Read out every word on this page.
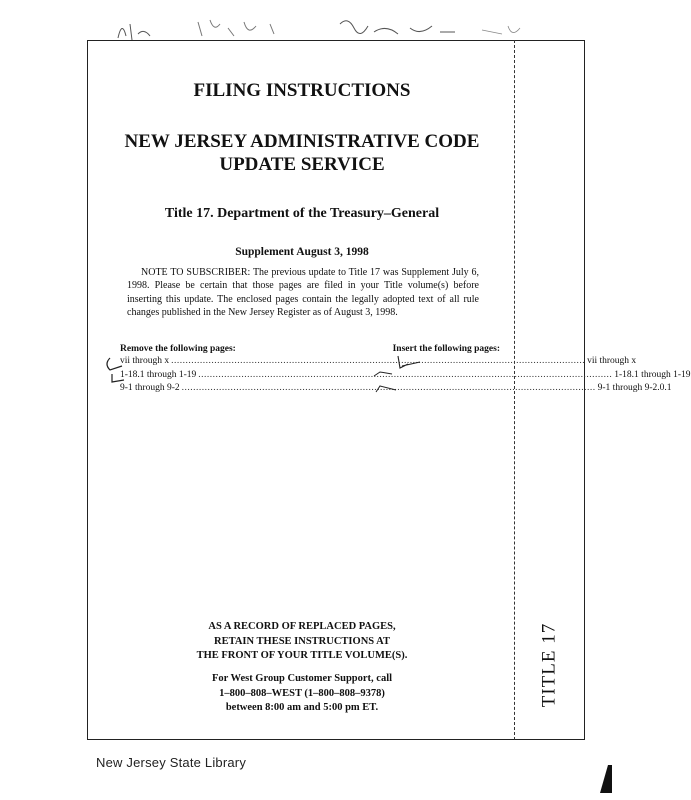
TITLE 17
FILING INSTRUCTIONS
NEW JERSEY ADMINISTRATIVE CODE
UPDATE SERVICE
Title 17. Department of the Treasury–General
Supplement August 3, 1998
NOTE TO SUBSCRIBER: The previous update to Title 17 was Supplement July 6, 1998. Please be certain that those pages are filed in your Title volume(s) before inserting this update. The enclosed pages contain the legally adopted text of all rule changes published in the New Jersey Register as of August 3, 1998.
Remove the following pages:	Insert the following pages:
vii through x ................................................................................................................................................ vii through x
1-18.1 through 1-19 ................................................................................................................................................ 1-18.1 through 1-19
9-1 through 9-2 ................................................................................................................................................ 9-1 through 9-2.0.1
AS A RECORD OF REPLACED PAGES,
RETAIN THESE INSTRUCTIONS AT
THE FRONT OF YOUR TITLE VOLUME(S).
For West Group Customer Support, call
1–800–808–WEST (1–800–808–9378)
between 8:00 am and 5:00 pm ET.
New Jersey State Library
